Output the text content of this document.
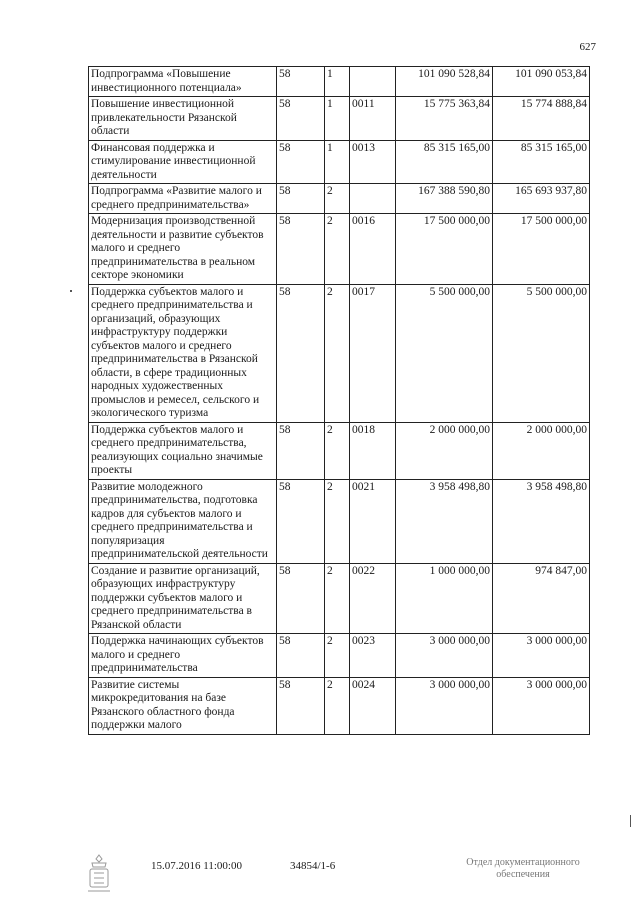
627
Подпрограмма «Повышение инвестиционного потенциала»	58	1		101 090 528,84	101 090 053,84
Повышение инвестиционной привлекательности Рязанской области	58	1	0011	15 775 363,84	15 774 888,84
Финансовая поддержка и стимулирование инвестиционной деятельности	58	1	0013	85 315 165,00	85 315 165,00
Подпрограмма «Развитие малого и среднего предпринимательства»	58	2		167 388 590,80	165 693 937,80
Модернизация производственной деятельности и развитие субъектов малого и среднего предпринимательства в реальном секторе экономики	58	2	0016	17 500 000,00	17 500 000,00
Поддержка субъектов малого и среднего предпринимательства и организаций, образующих инфраструктуру поддержки субъектов малого и среднего предпринимательства в Рязанской области, в сфере традиционных народных художественных промыслов и ремесел, сельского и экологического туризма	58	2	0017	5 500 000,00	5 500 000,00
Поддержка субъектов малого и среднего предпринимательства, реализующих социально значимые проекты	58	2	0018	2 000 000,00	2 000 000,00
Развитие молодежного предпринимательства, подготовка кадров для субъектов малого и среднего предпринимательства и популяризация предпринимательской деятельности	58	2	0021	3 958 498,80	3 958 498,80
Создание и развитие организаций, образующих инфраструктуру поддержки субъектов малого и среднего предпринимательства в Рязанской области	58	2	0022	1 000 000,00	974 847,00
Поддержка начинающих субъектов малого и среднего предпринимательства	58	2	0023	3 000 000,00	3 000 000,00
Развитие системы микрокредитования на базе Рязанского областного фонда поддержки малого	58	2	0024	3 000 000,00	3 000 000,00
15.07.2016 11:00:00	34854/1-6	Отдел документационного
обеспечения
